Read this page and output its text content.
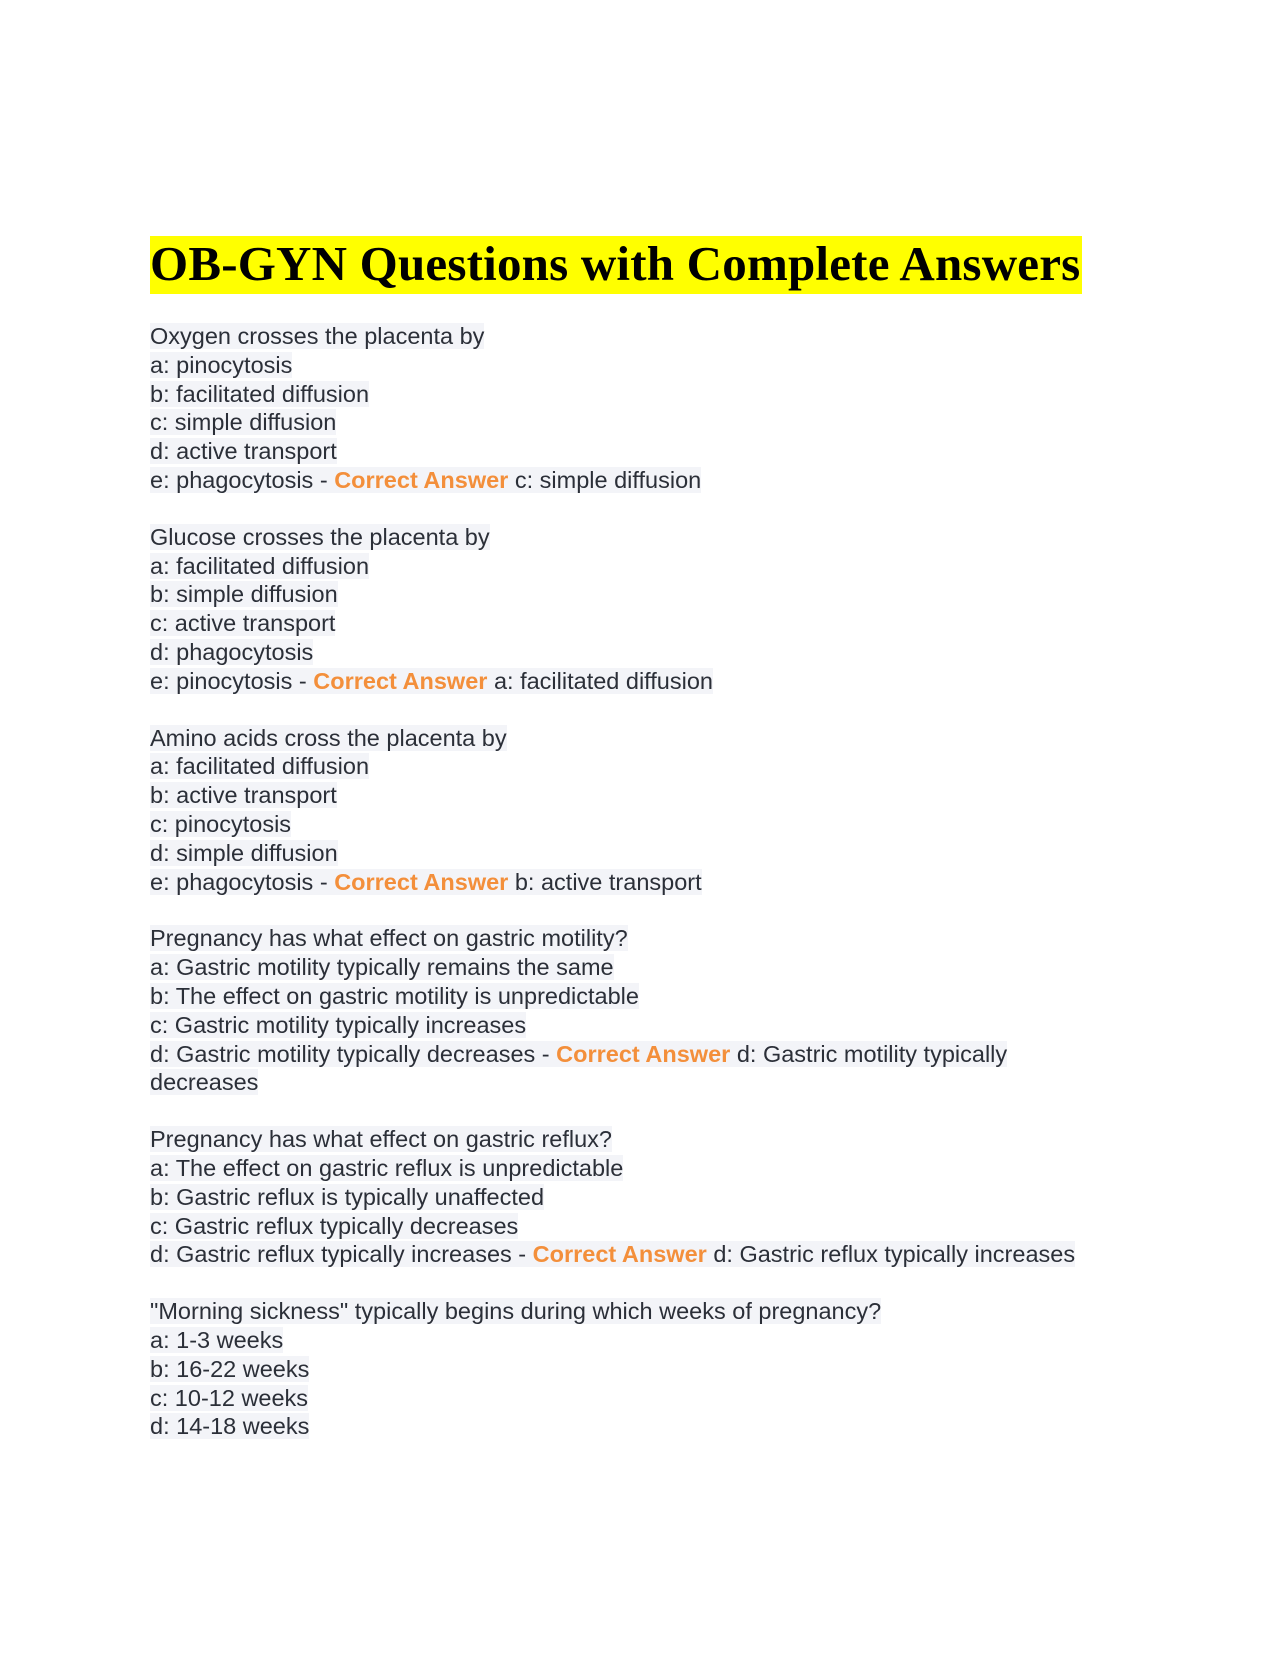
OB-GYN Questions with Complete Answers
Oxygen crosses the placenta by
a: pinocytosis
b: facilitated diffusion
c: simple diffusion
d: active transport
e: phagocytosis - Correct Answer c: simple diffusion
Glucose crosses the placenta by
a: facilitated diffusion
b: simple diffusion
c: active transport
d: phagocytosis
e: pinocytosis - Correct Answer a: facilitated diffusion
Amino acids cross the placenta by
a: facilitated diffusion
b: active transport
c: pinocytosis
d: simple diffusion
e: phagocytosis - Correct Answer b: active transport
Pregnancy has what effect on gastric motility?
a: Gastric motility typically remains the same
b: The effect on gastric motility is unpredictable
c: Gastric motility typically increases
d: Gastric motility typically decreases - Correct Answer d: Gastric motility typically decreases
Pregnancy has what effect on gastric reflux?
a: The effect on gastric reflux is unpredictable
b: Gastric reflux is typically unaffected
c: Gastric reflux typically decreases
d: Gastric reflux typically increases - Correct Answer d: Gastric reflux typically increases
"Morning sickness" typically begins during which weeks of pregnancy?
a: 1-3 weeks
b: 16-22 weeks
c: 10-12 weeks
d: 14-18 weeks
